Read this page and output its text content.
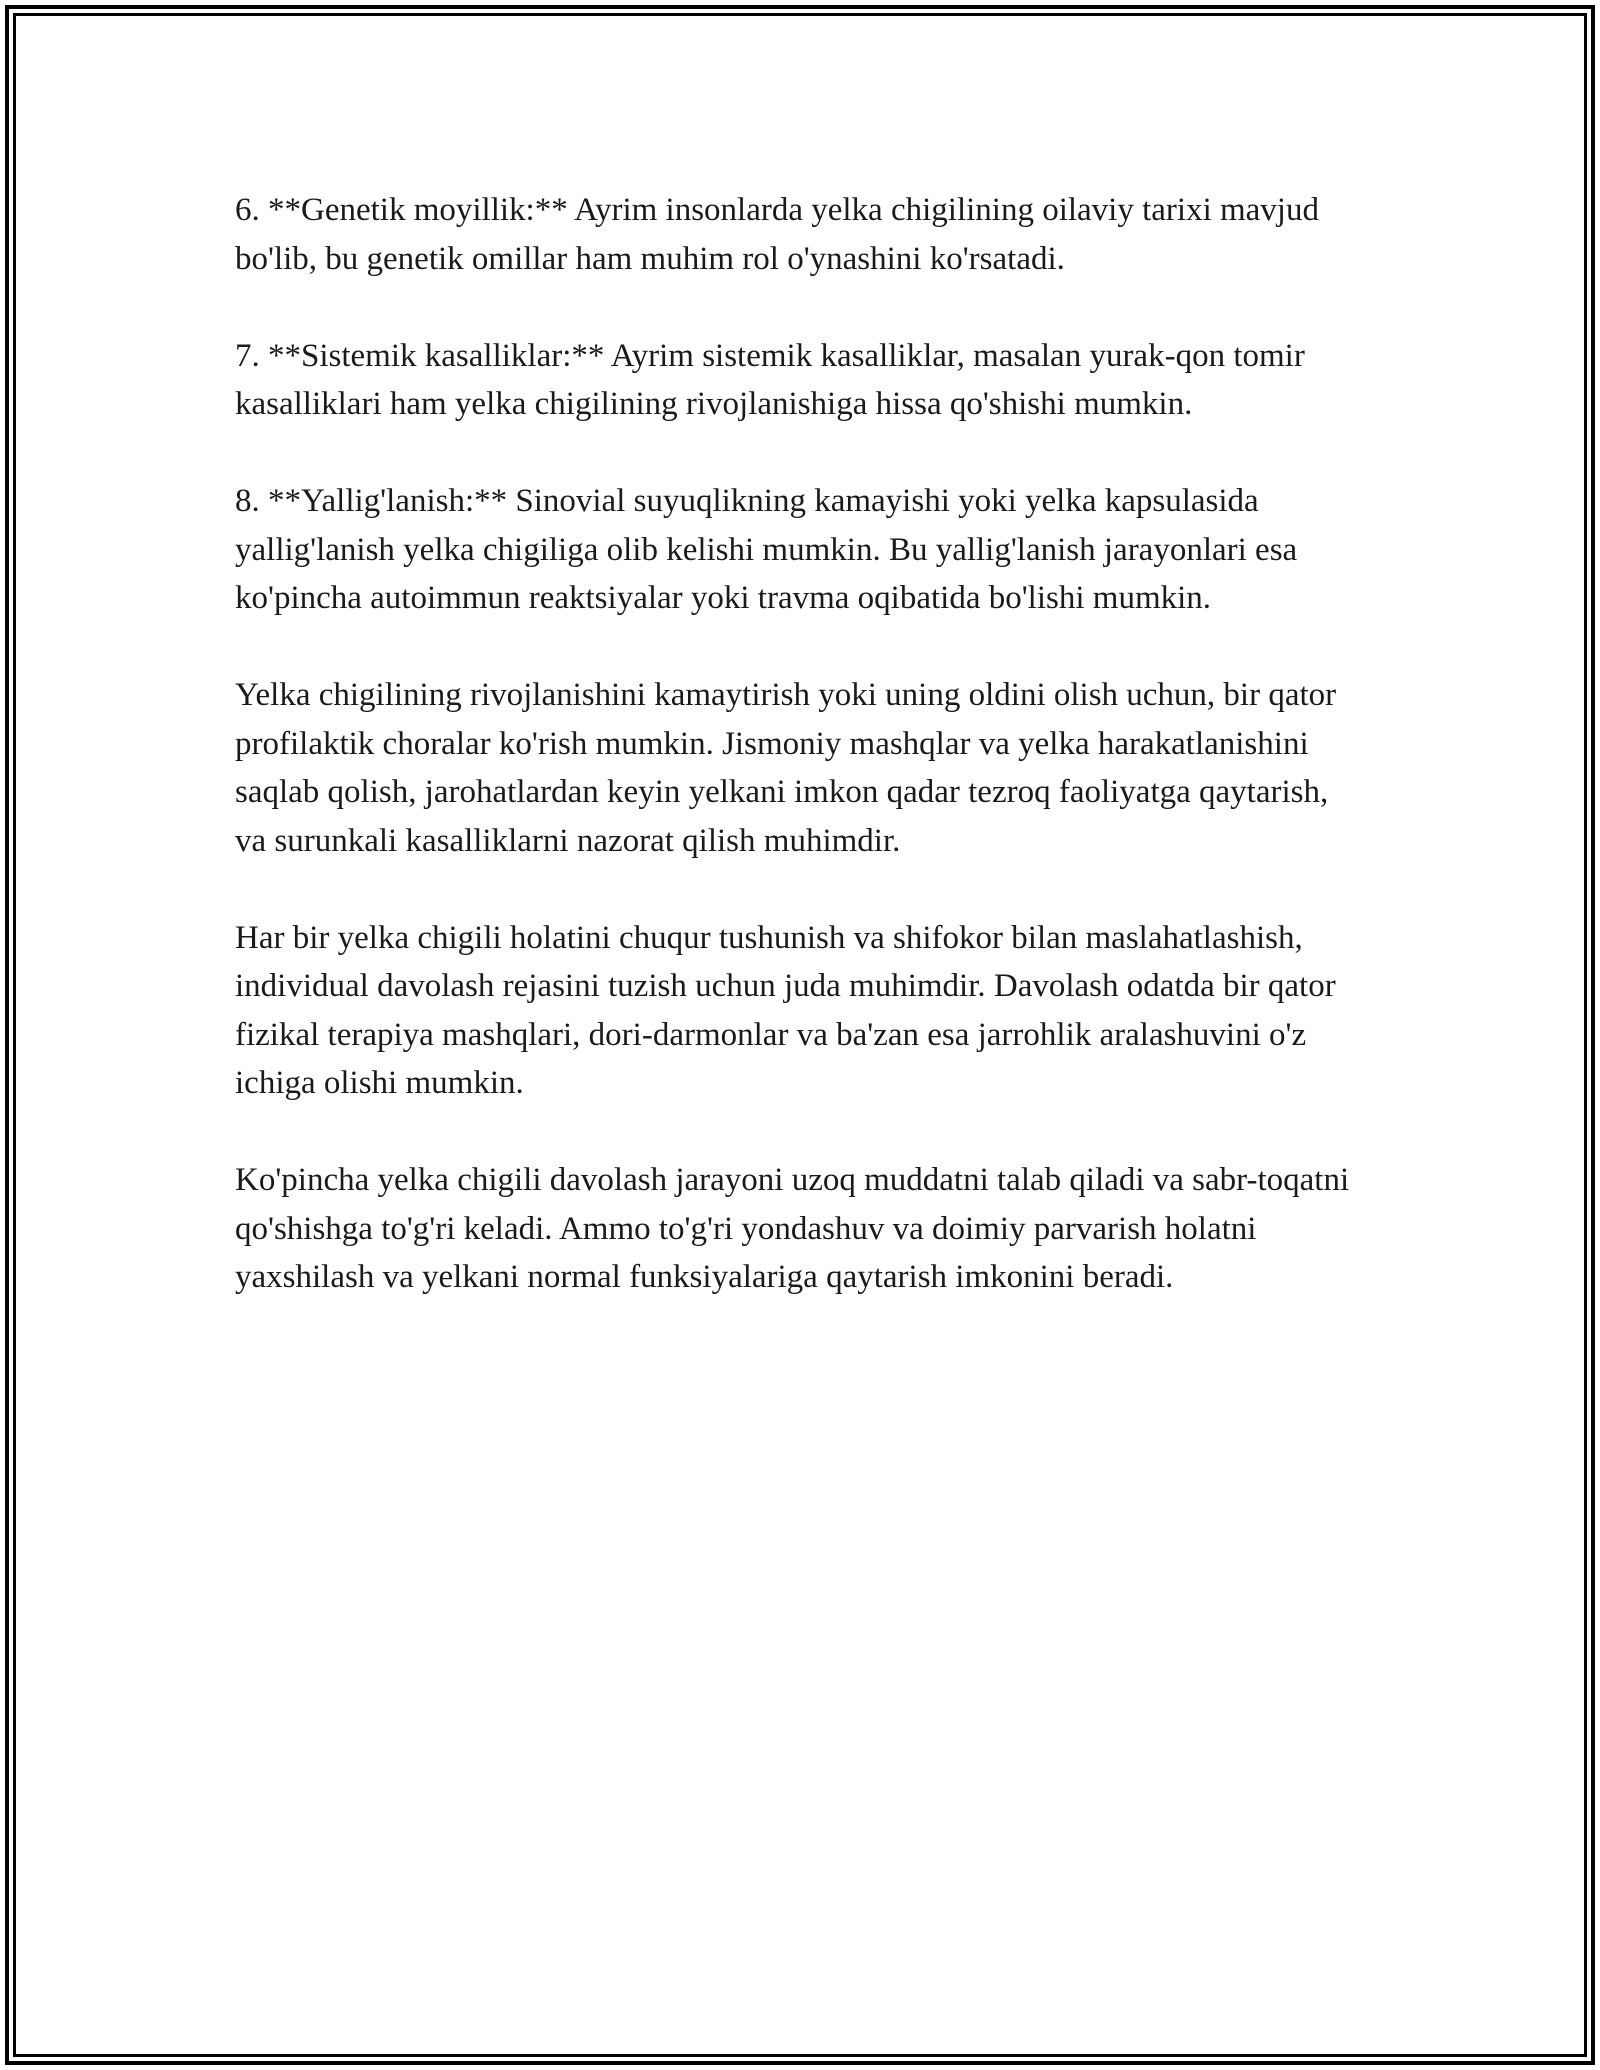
6. **Genetik moyillik:** Ayrim insonlarda yelka chigilining oilaviy tarixi mavjud bo'lib, bu genetik omillar ham muhim rol o'ynashini ko'rsatadi.

7. **Sistemik kasalliklar:** Ayrim sistemik kasalliklar, masalan yurak-qon tomir kasalliklari ham yelka chigilining rivojlanishiga hissa qo'shishi mumkin.

8. **Yallig'lanish:** Sinovial suyuqlikning kamayishi yoki yelka kapsulasida yallig'lanish yelka chigiliga olib kelishi mumkin. Bu yallig'lanish jarayonlari esa ko'pincha autoimmun reaktsiyalar yoki travma oqibatida bo'lishi mumkin.

Yelka chigilining rivojlanishini kamaytirish yoki uning oldini olish uchun, bir qator profilaktik choralar ko'rish mumkin. Jismoniy mashqlar va yelka harakatlanishini saqlab qolish, jarohatlardan keyin yelkani imkon qadar tezroq faoliyatga qaytarish, va surunkali kasalliklarni nazorat qilish muhimdir.

Har bir yelka chigili holatini chuqur tushunish va shifokor bilan maslahatlashish, individual davolash rejasini tuzish uchun juda muhimdir. Davolash odatda bir qator fizikal terapiya mashqlari, dori-darmonlar va ba'zan esa jarrohlik aralashuvini o'z ichiga olishi mumkin.

Ko'pincha yelka chigili davolash jarayoni uzoq muddatni talab qiladi va sabr-toqatni qo'shishga to'g'ri keladi. Ammo to'g'ri yondashuv va doimiy parvarish holatni yaxshilash va yelkani normal funksiyalariga qaytarish imkonini beradi.
